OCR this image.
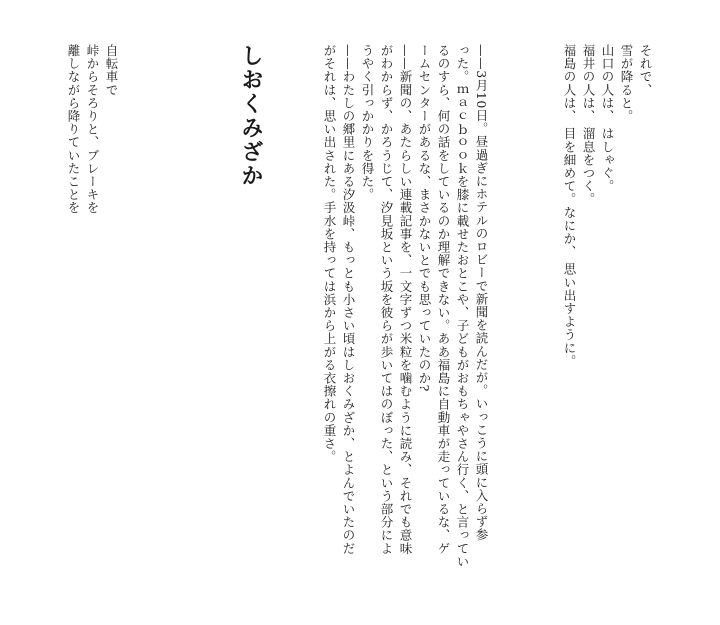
それで、
雪が降ると。
山口の人は、 はしゃぐ。
福井の人は、 溜息をつく。
福島の人は、 目を細めて。なにか、 思い出すように。
——3月10日。昼過ぎにホテルのロビーで新聞を読んだが。いっこうに頭に入らず参
った。ｍａｃｂｏｏｋを膝に載せたおとこや、子どもがおもちゃやさん行く、と言ってい
るのすら、何の話をしているのか理解できない。ああ福島に自動車が走っているな、ゲ
ームセンターがあるな、まさかないとでも思っていたのか?
——新聞の、あたらしい連載記事を、一文字ずつ米粒を噛むように読み、それでも意味
がわからず、かろうじて、汐見坂という坂を彼らが歩いてはのぼった、という部分によ
うやく引っかかりを得た。
——わたしの郷里にある汐汲峠、もっとも小さい頃はしおくみざか、とよんでいたのだ
がそれは、思い出された。手水を持っては浜から上がる衣擦れの重さ。
しおくみざか
自転車で
峠からそろりと、ブレーキを
離しながら降りていたことを
